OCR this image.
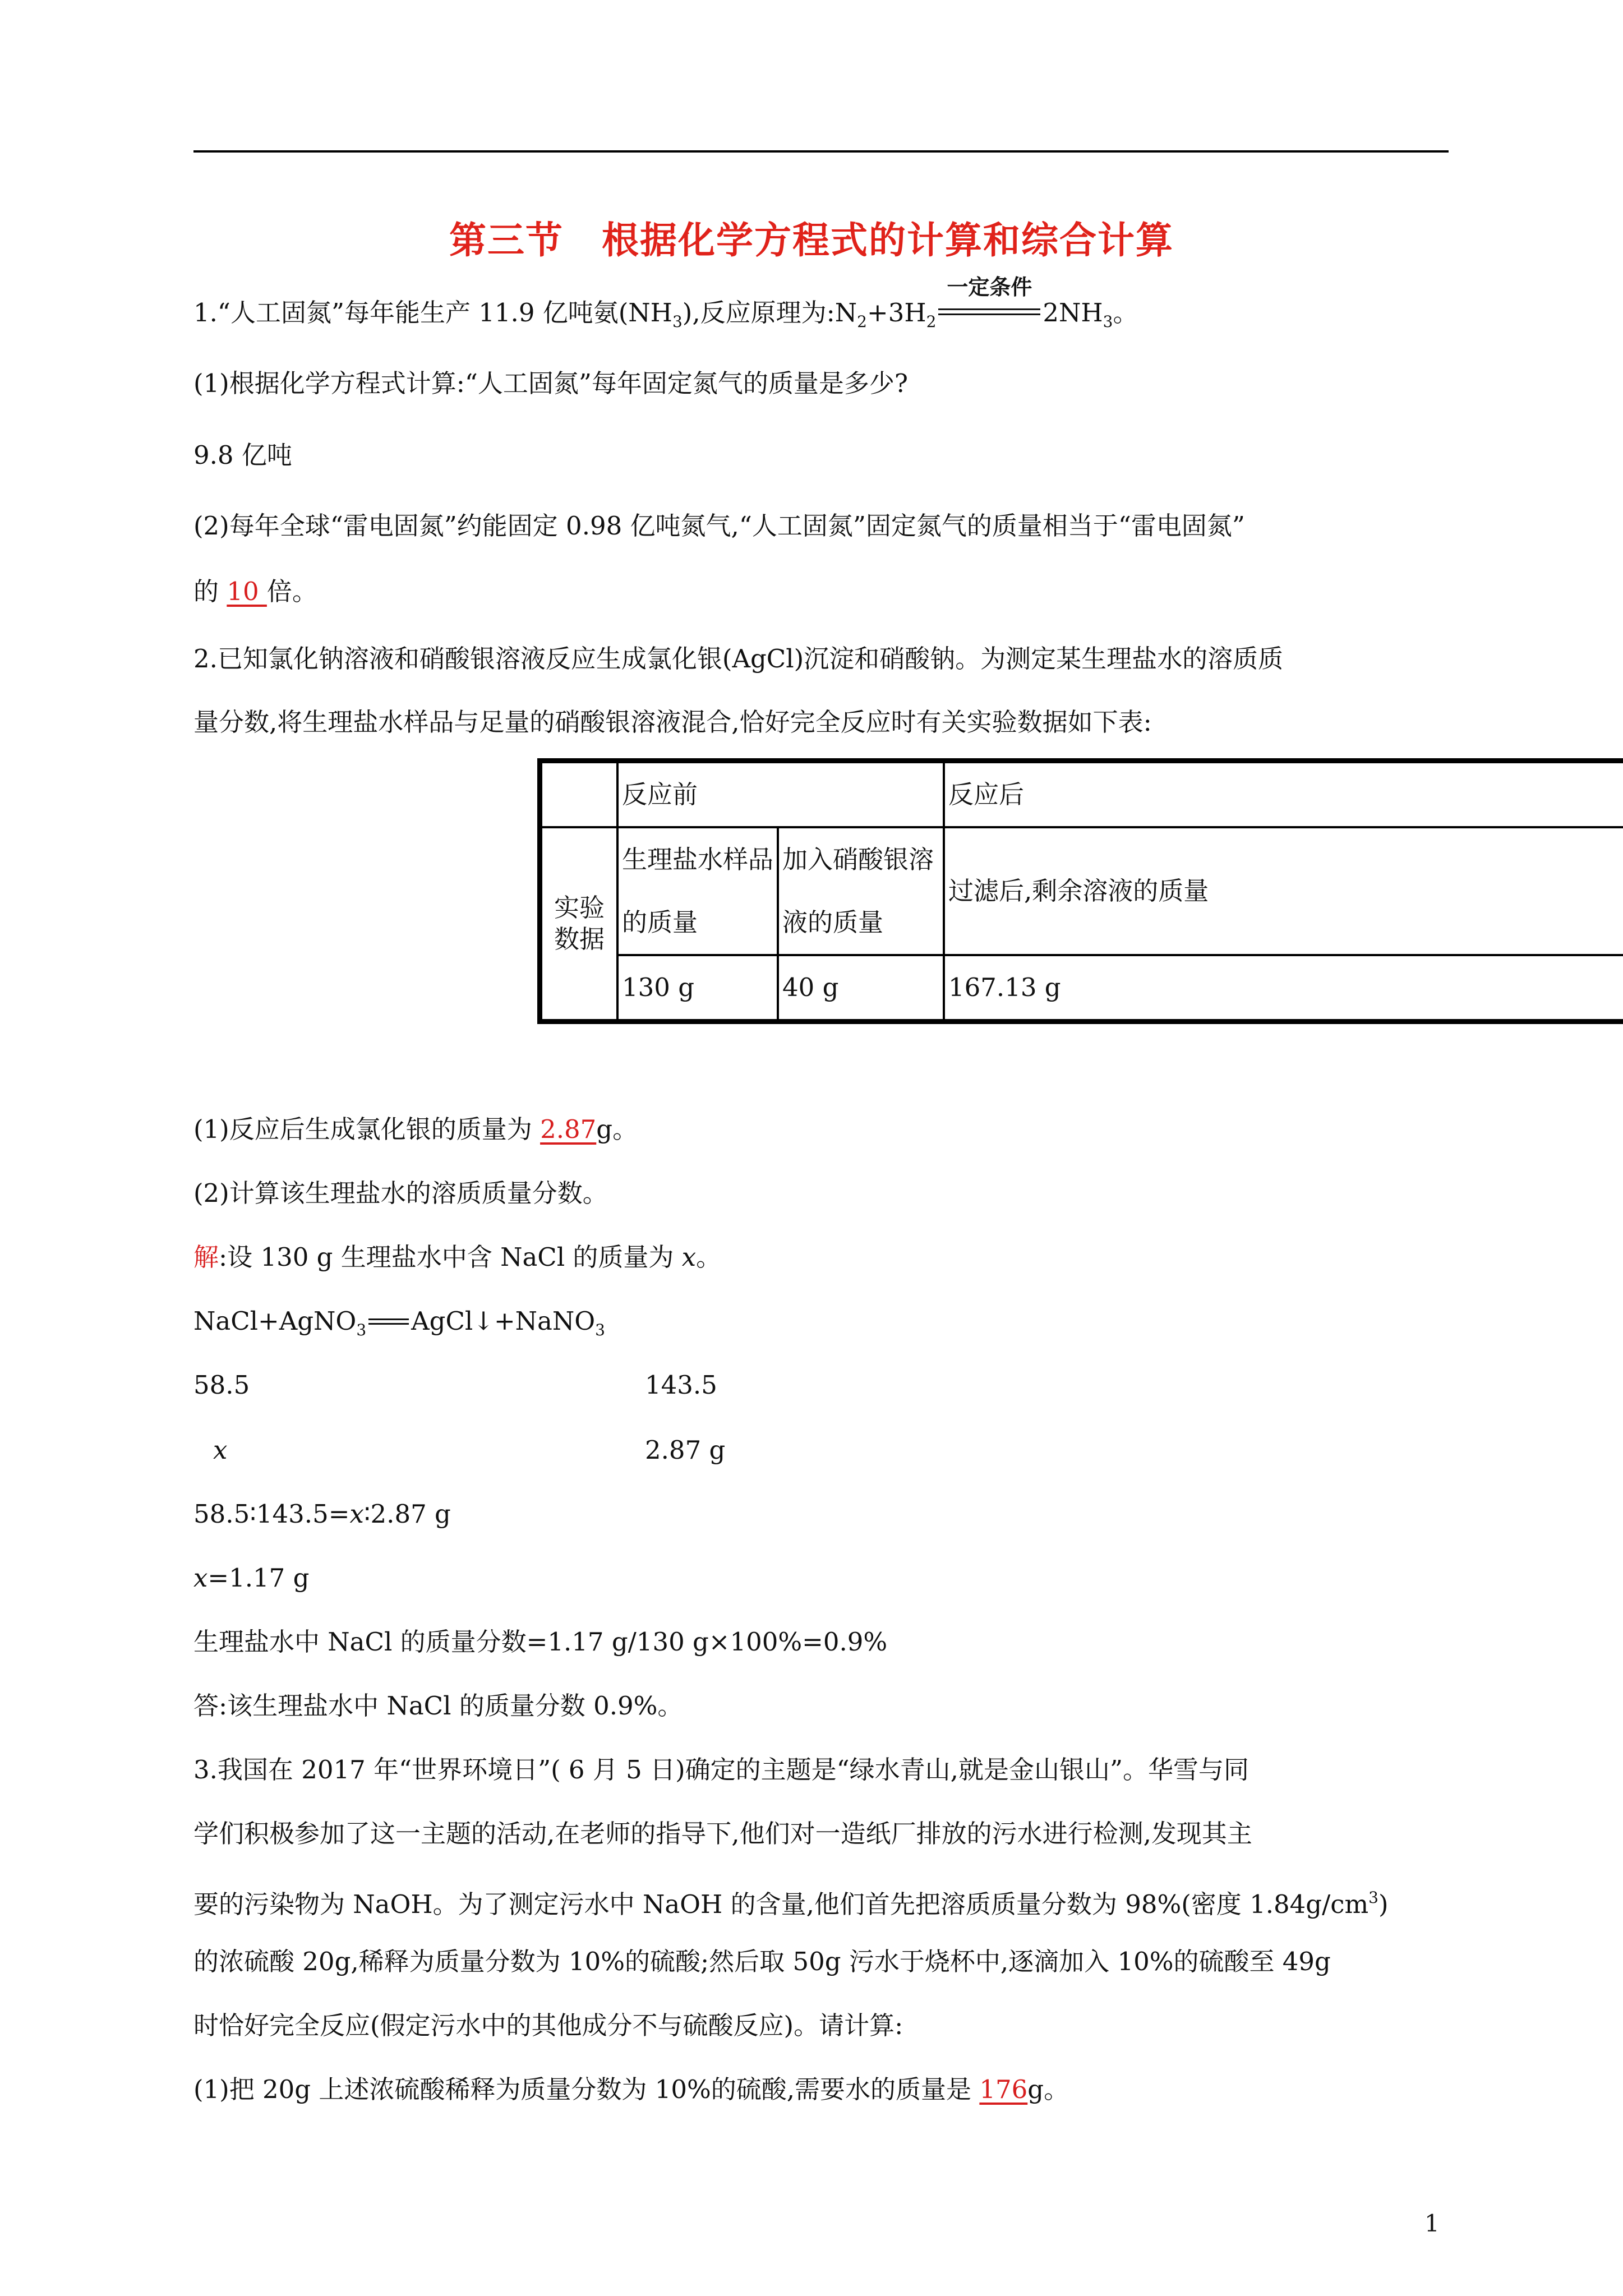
第三节　根据化学方程式的计算和综合计算
1.“人工固氮”每年能生产 11.9 亿吨氨$(NH_3)$,反应原理为$:N_2+3H_2$
一定条件
$2NH_3$。
(1)根据化学方程式计算:“人工固氮”每年固定氮气的质量是多少?
9.8 亿吨
(2)每年全球“雷电固氮”约能固定 0.98 亿吨氮气,“人工固氮”固定氮气的质量相当于“雷电固氮”
的 10 倍。
2.已知氯化钠溶液和硝酸银溶液反应生成氯化银(AgCl)沉淀和硝酸钠。为测定某生理盐水的溶质质
量分数,将生理盐水样品与足量的硝酸银溶液混合,恰好完全反应时有关实验数据如下表:
	反应前		反应后
实验数据	生理盐水样品的质量	加入硝酸银溶液的质量	过滤后,剩余溶液的质量
	130 g	40 g	167.13 g
(1)反应后生成氯化银的质量为 2.87g。
(2)计算该生理盐水的溶质质量分数。
解:设 130 g 生理盐水中含 NaCl 的质量为 x。
NaCl+AgNO$_3$ AgCl↓+NaNO$_3$
58.5	143.5
x	2.87 g
58.5∶143.5=x∶2.87 g
x=1.17 g
生理盐水中 NaCl 的质量分数=1.17 g/130 g×100%=0.9%
答:该生理盐水中 NaCl 的质量分数 0.9%。
3.我国在 2017 年“世界环境日”( 6 月 5 日)确定的主题是“绿水青山,就是金山银山”。华雪与同
学们积极参加了这一主题的活动,在老师的指导下,他们对一造纸厂排放的污水进行检测,发现其主
要的污染物为 NaOH。为了测定污水中 NaOH 的含量,他们首先把溶质质量分数为 98%(密度 $1.84g/cm^3$)
的浓硫酸 20g,稀释为质量分数为 10%的硫酸;然后取 50g 污水于烧杯中,逐滴加入 10%的硫酸至 49g
时恰好完全反应(假定污水中的其他成分不与硫酸反应)。请计算:
(1)把 20g 上述浓硫酸稀释为质量分数为 10%的硫酸,需要水的质量是 176g。
1
